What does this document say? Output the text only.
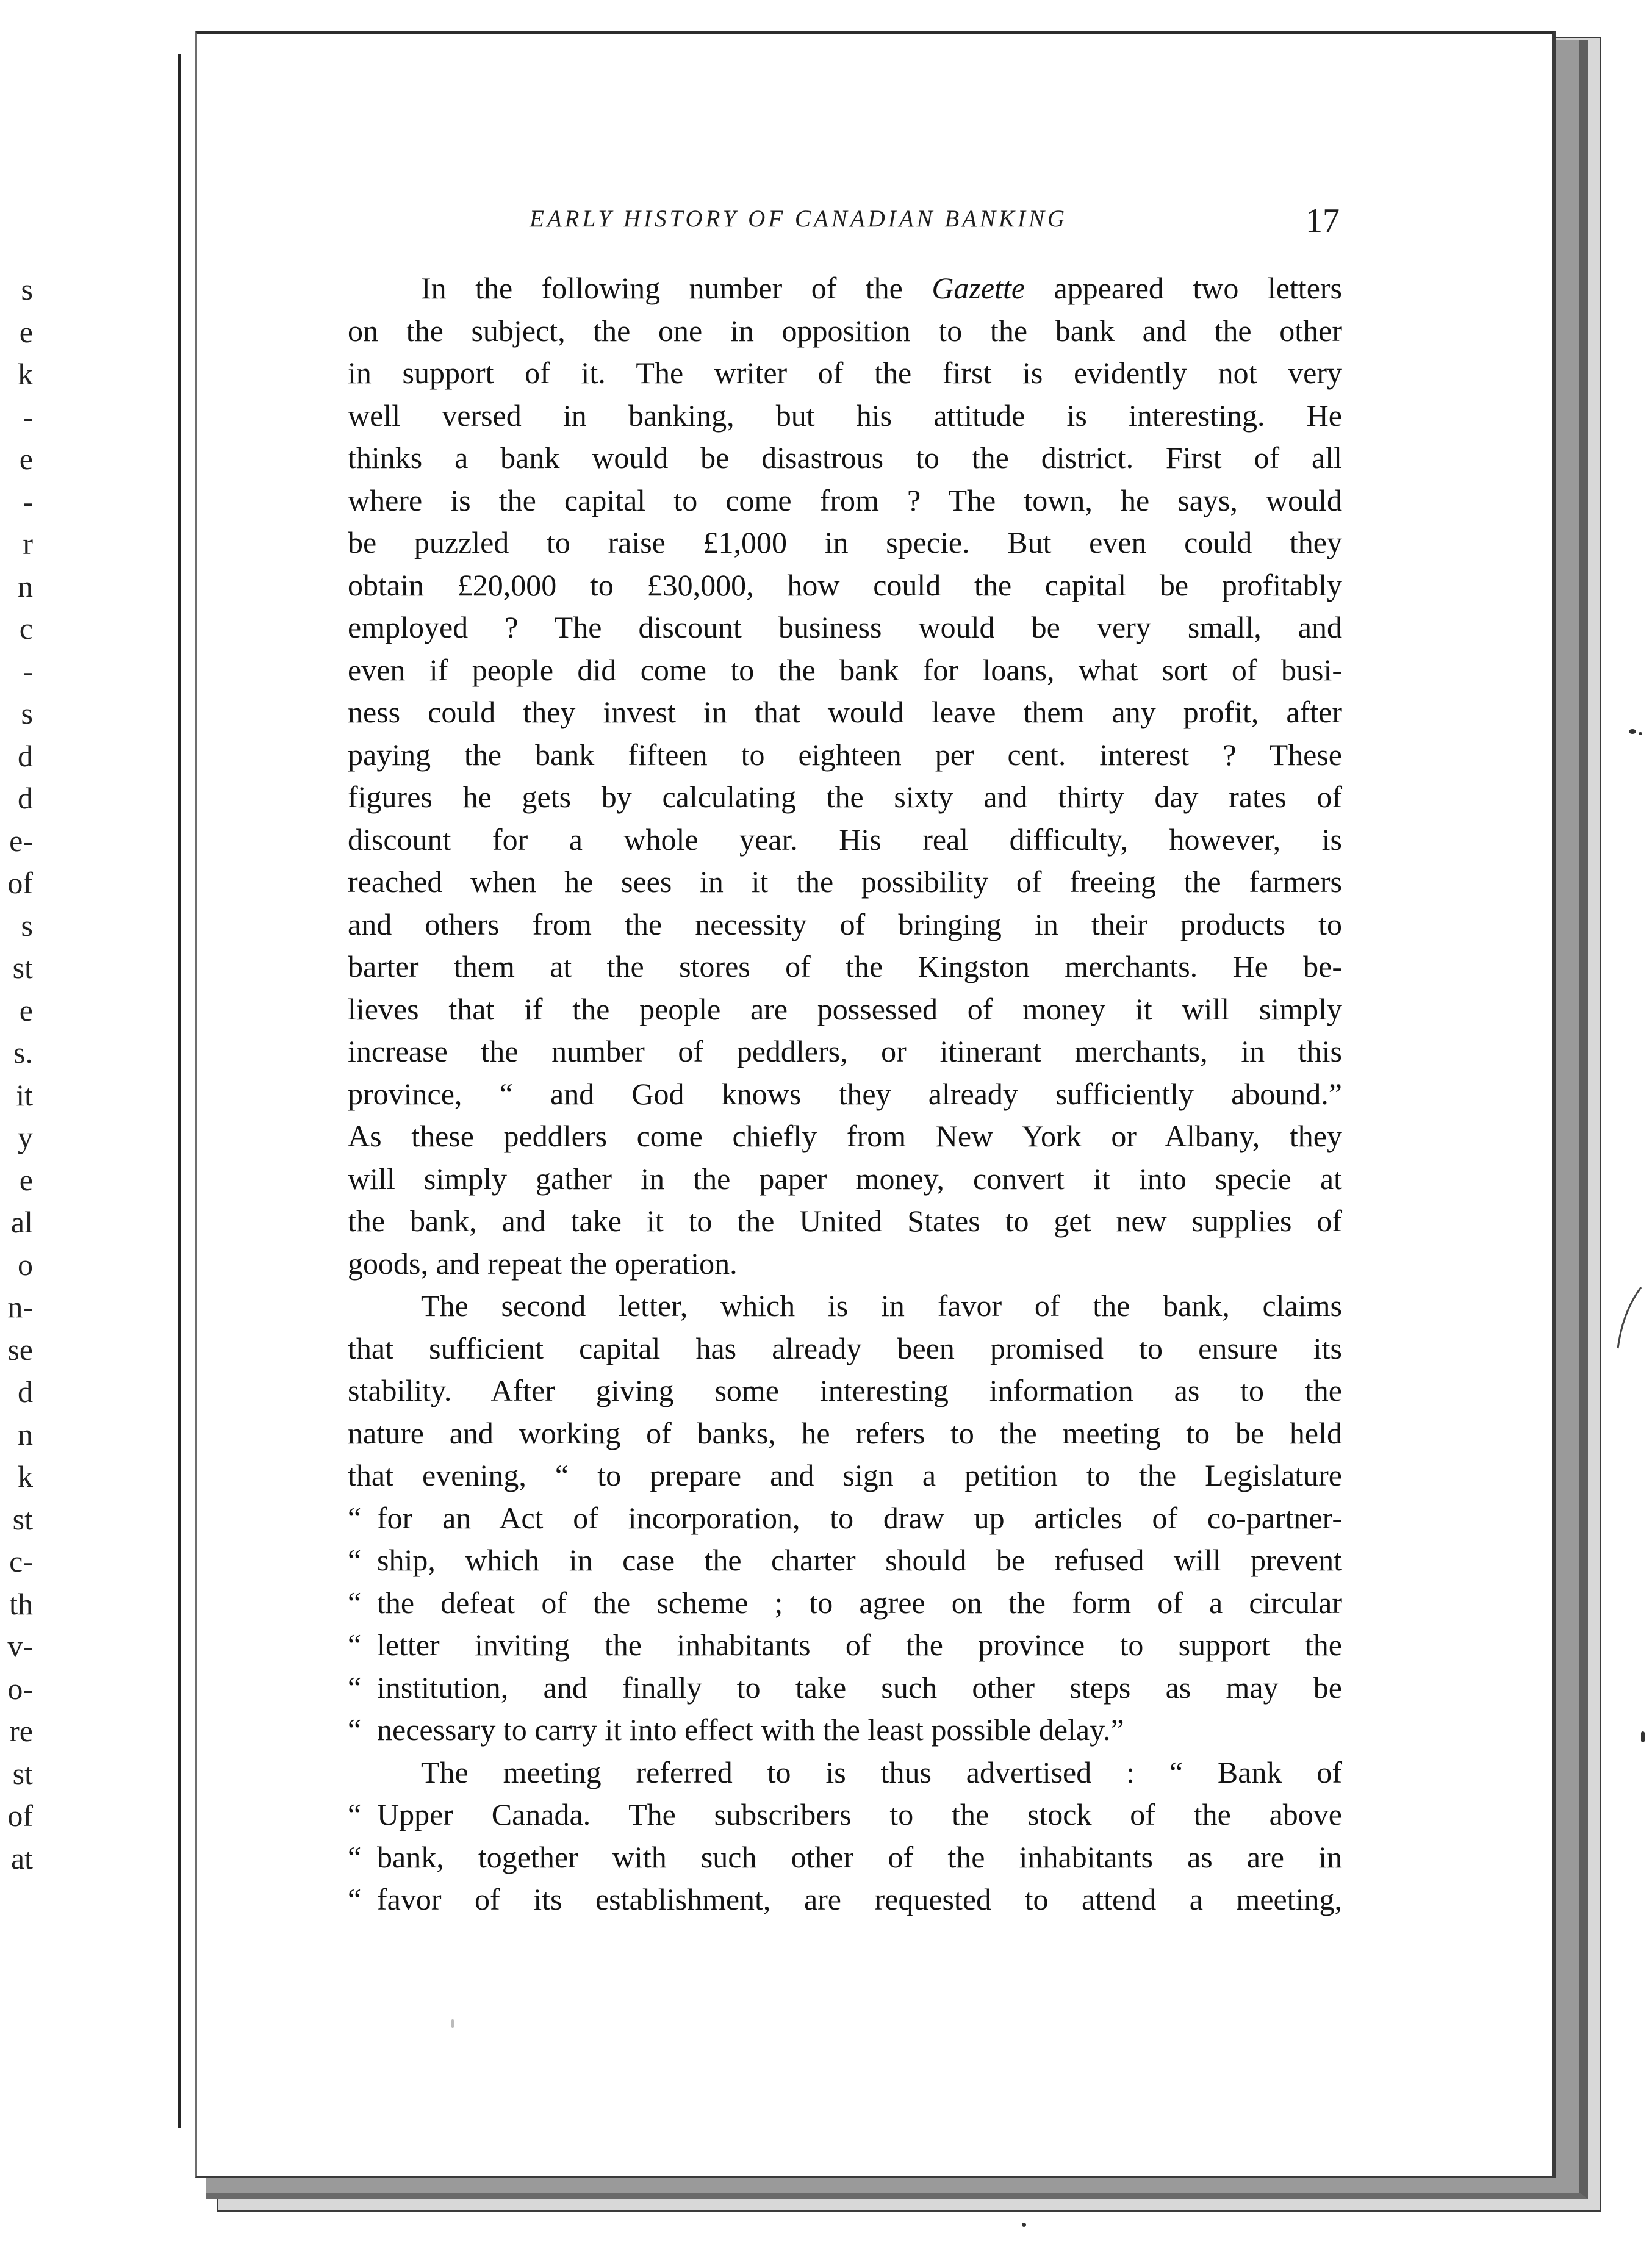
s
e
k
-
e
-
r
n
c
-
s
d
d
e-
of
s
st
e
s.
it
y
e
al
o
n-
se
d
n
k
st
c-
th
v-
o-
re
st
of
at
EARLY HISTORY OF CANADIAN BANKING	17
In the following number of the Gazette appeared two letters
on the subject, the one in opposition to the bank and the other
in support of it. The writer of the first is evidently not very
well versed in banking, but his attitude is interesting. He
thinks a bank would be disastrous to the district. First of all
where is the capital to come from ? The town, he says, would
be puzzled to raise £1,000 in specie. But even could they
obtain £20,000 to £30,000, how could the capital be profitably
employed ? The discount business would be very small, and
even if people did come to the bank for loans, what sort of busi-
ness could they invest in that would leave them any profit, after
paying the bank fifteen to eighteen per cent. interest ? These
figures he gets by calculating the sixty and thirty day rates of
discount for a whole year. His real difficulty, however, is
reached when he sees in it the possibility of freeing the farmers
and others from the necessity of bringing in their products to
barter them at the stores of the Kingston merchants. He be-
lieves that if the people are possessed of money it will simply
increase the number of peddlers, or itinerant merchants, in this
province, “ and God knows they already sufficiently abound.”
As these peddlers come chiefly from New York or Albany, they
will simply gather in the paper money, convert it into specie at
the bank, and take it to the United States to get new supplies of
goods, and repeat the operation.
The second letter, which is in favor of the bank, claims
that sufficient capital has already been promised to ensure its
stability. After giving some interesting information as to the
nature and working of banks, he refers to the meeting to be held
that evening, “ to prepare and sign a petition to the Legislature
“ for an Act of incorporation, to draw up articles of co-partner-
“ ship, which in case the charter should be refused will prevent
“ the defeat of the scheme ; to agree on the form of a circular
“ letter inviting the inhabitants of the province to support the
“ institution, and finally to take such other steps as may be
“ necessary to carry it into effect with the least possible delay.”
The meeting referred to is thus advertised : “ Bank of
“ Upper Canada. The subscribers to the stock of the above
“ bank, together with such other of the inhabitants as are in
“ favor of its establishment, are requested to attend a meeting,
